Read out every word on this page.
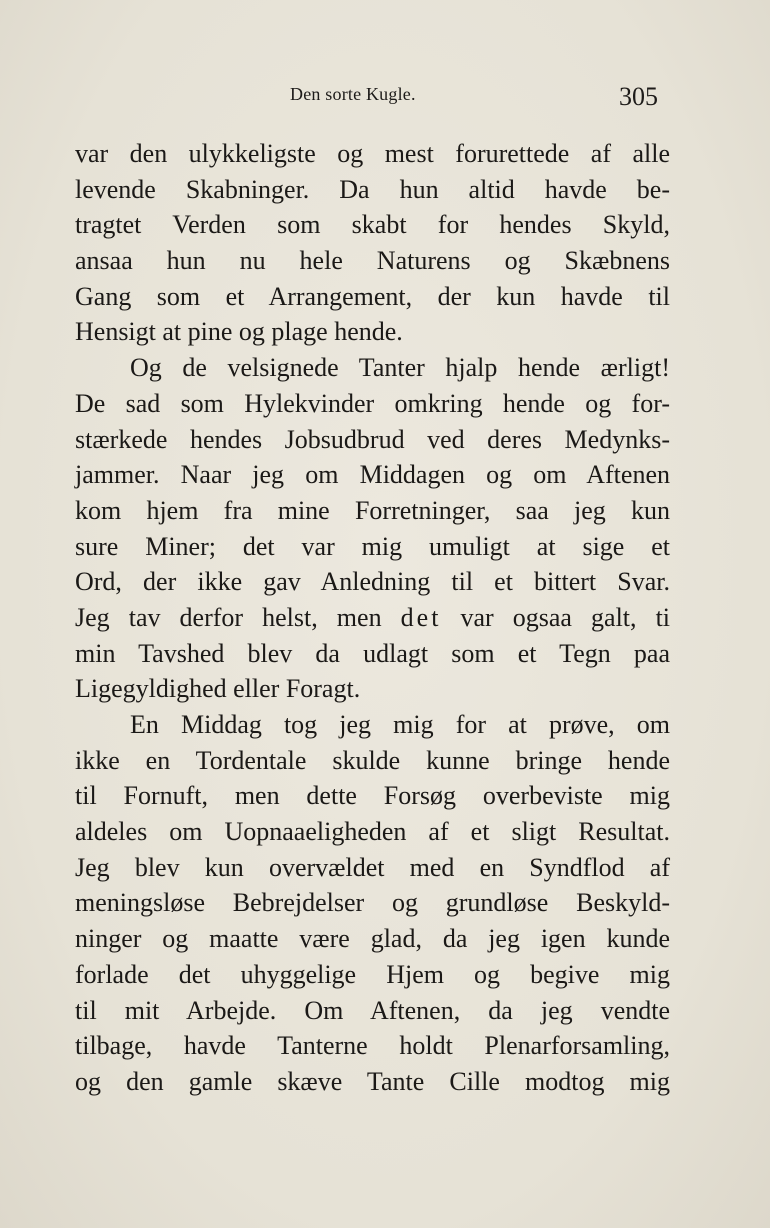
Den sorte Kugle.	305
var den ulykkeligste og mest forurettede af alle
levende Skabninger. Da hun altid havde be-
tragtet Verden som skabt for hendes Skyld,
ansaa hun nu hele Naturens og Skæbnens
Gang som et Arrangement, der kun havde til
Hensigt at pine og plage hende.
Og de velsignede Tanter hjalp hende ærligt!
De sad som Hylekvinder omkring hende og for-
stærkede hendes Jobsudbrud ved deres Medynks-
jammer. Naar jeg om Middagen og om Aftenen
kom hjem fra mine Forretninger, saa jeg kun
sure Miner; det var mig umuligt at sige et
Ord, der ikke gav Anledning til et bittert Svar.
Jeg tav derfor helst, men det var ogsaa galt, ti
min Tavshed blev da udlagt som et Tegn paa
Ligegyldighed eller Foragt.
En Middag tog jeg mig for at prøve, om
ikke en Tordentale skulde kunne bringe hende
til Fornuft, men dette Forsøg overbeviste mig
aldeles om Uopnaaeligheden af et sligt Resultat.
Jeg blev kun overvældet med en Syndflod af
meningsløse Bebrejdelser og grundløse Beskyld-
ninger og maatte være glad, da jeg igen kunde
forlade det uhyggelige Hjem og begive mig
til mit Arbejde. Om Aftenen, da jeg vendte
tilbage, havde Tanterne holdt Plenarforsamling,
og den gamle skæve Tante Cille modtog mig
